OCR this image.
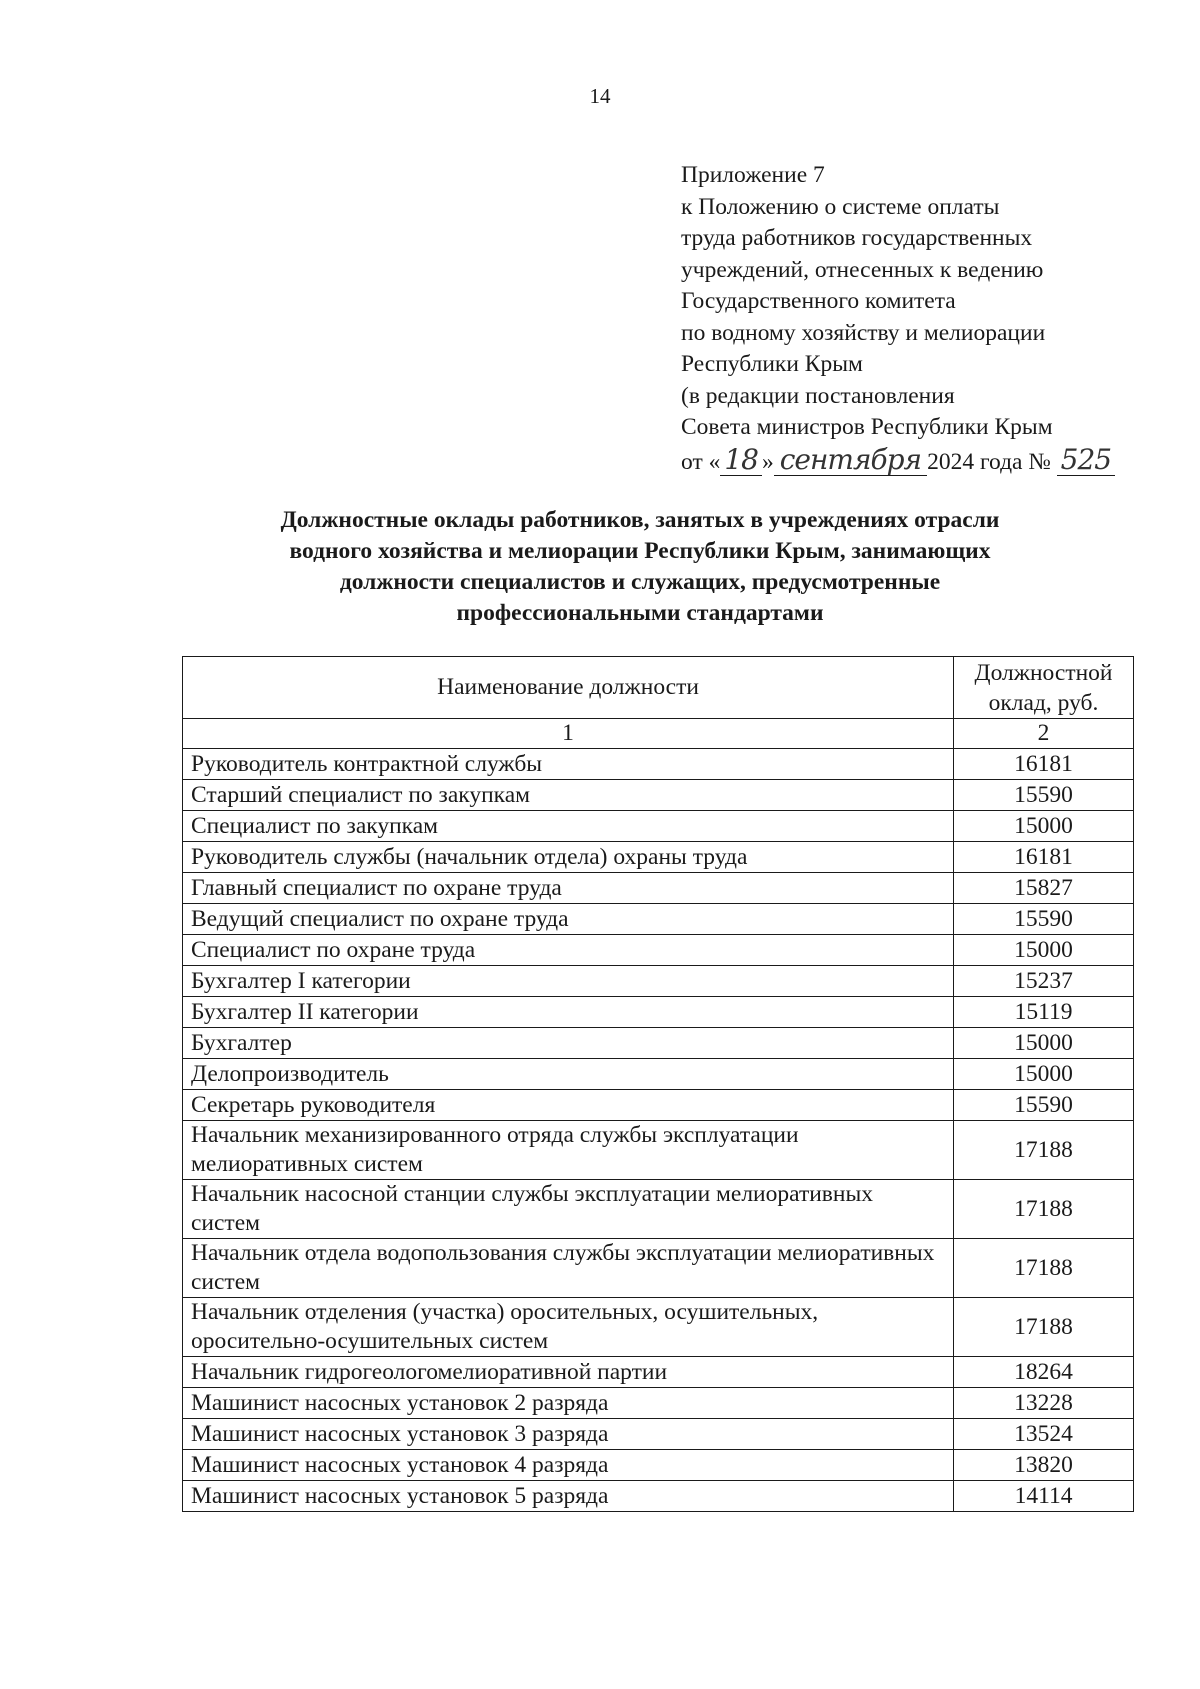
14
Приложение 7
к Положению о системе оплаты
труда работников государственных
учреждений, отнесенных к ведению
Государственного комитета
по водному хозяйству и мелиорации
Республики Крым
(в редакции постановления
Совета министров Республики Крым
от « 18 » сентября 2024 года № 525
Должностные оклады работников, занятых в учреждениях отрасли
водного хозяйства и мелиорации Республики Крым, занимающих
должности специалистов и служащих, предусмотренные
профессиональными стандартами
Наименование должности	Должностной оклад, руб.
1	2
Руководитель контрактной службы	16181
Старший специалист по закупкам	15590
Специалист по закупкам	15000
Руководитель службы (начальник отдела) охраны труда	16181
Главный специалист по охране труда	15827
Ведущий специалист по охране труда	15590
Специалист по охране труда	15000
Бухгалтер I категории	15237
Бухгалтер II категории	15119
Бухгалтер	15000
Делопроизводитель	15000
Секретарь руководителя	15590
Начальник механизированного отряда службы эксплуатации мелиоративных систем	17188
Начальник насосной станции службы эксплуатации мелиоративных систем	17188
Начальник отдела водопользования службы эксплуатации мелиоративных систем	17188
Начальник отделения (участка) оросительных, осушительных, оросительно-осушительных систем	17188
Начальник гидрогеологомелиоративной партии	18264
Машинист насосных установок 2 разряда	13228
Машинист насосных установок 3 разряда	13524
Машинист насосных установок 4 разряда	13820
Машинист насосных установок 5 разряда	14114
